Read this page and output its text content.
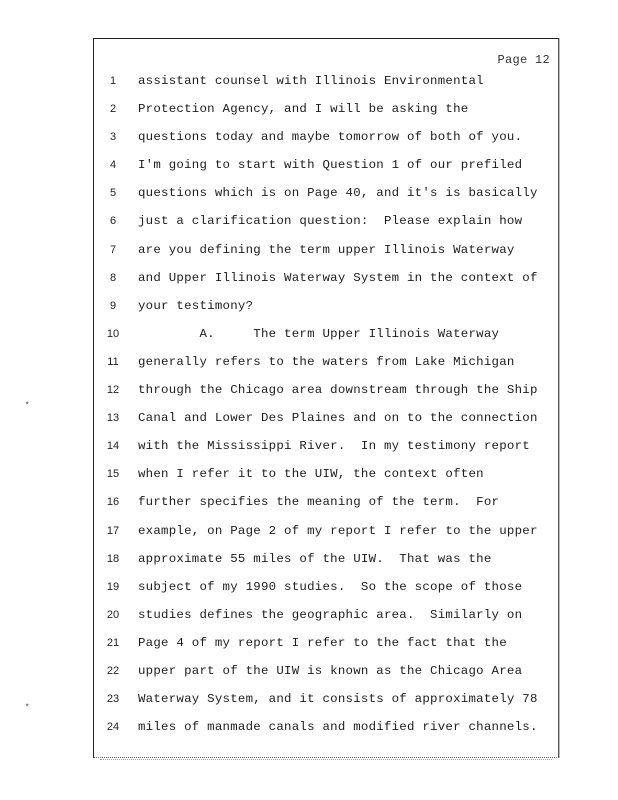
Page 12
1	assistant counsel with Illinois Environmental
2	Protection Agency, and I will be asking the
3	questions today and maybe tomorrow of both of you.
4	I'm going to start with Question 1 of our prefiled
5	questions which is on Page 40, and it's is basically
6	just a clarification question:  Please explain how
7	are you defining the term upper Illinois Waterway
8	and Upper Illinois Waterway System in the context of
9	your testimony?
10	A.     The term Upper Illinois Waterway
11	generally refers to the waters from Lake Michigan
12	through the Chicago area downstream through the Ship
13	Canal and Lower Des Plaines and on to the connection
14	with the Mississippi River.  In my testimony report
15	when I refer it to the UIW, the context often
16	further specifies the meaning of the term.  For
17	example, on Page 2 of my report I refer to the upper
18	approximate 55 miles of the UIW.  That was the
19	subject of my 1990 studies.  So the scope of those
20	studies defines the geographic area.  Similarly on
21	Page 4 of my report I refer to the fact that the
22	upper part of the UIW is known as the Chicago Area
23	Waterway System, and it consists of approximately 78
24	miles of manmade canals and modified river channels.
⋆
⋆
